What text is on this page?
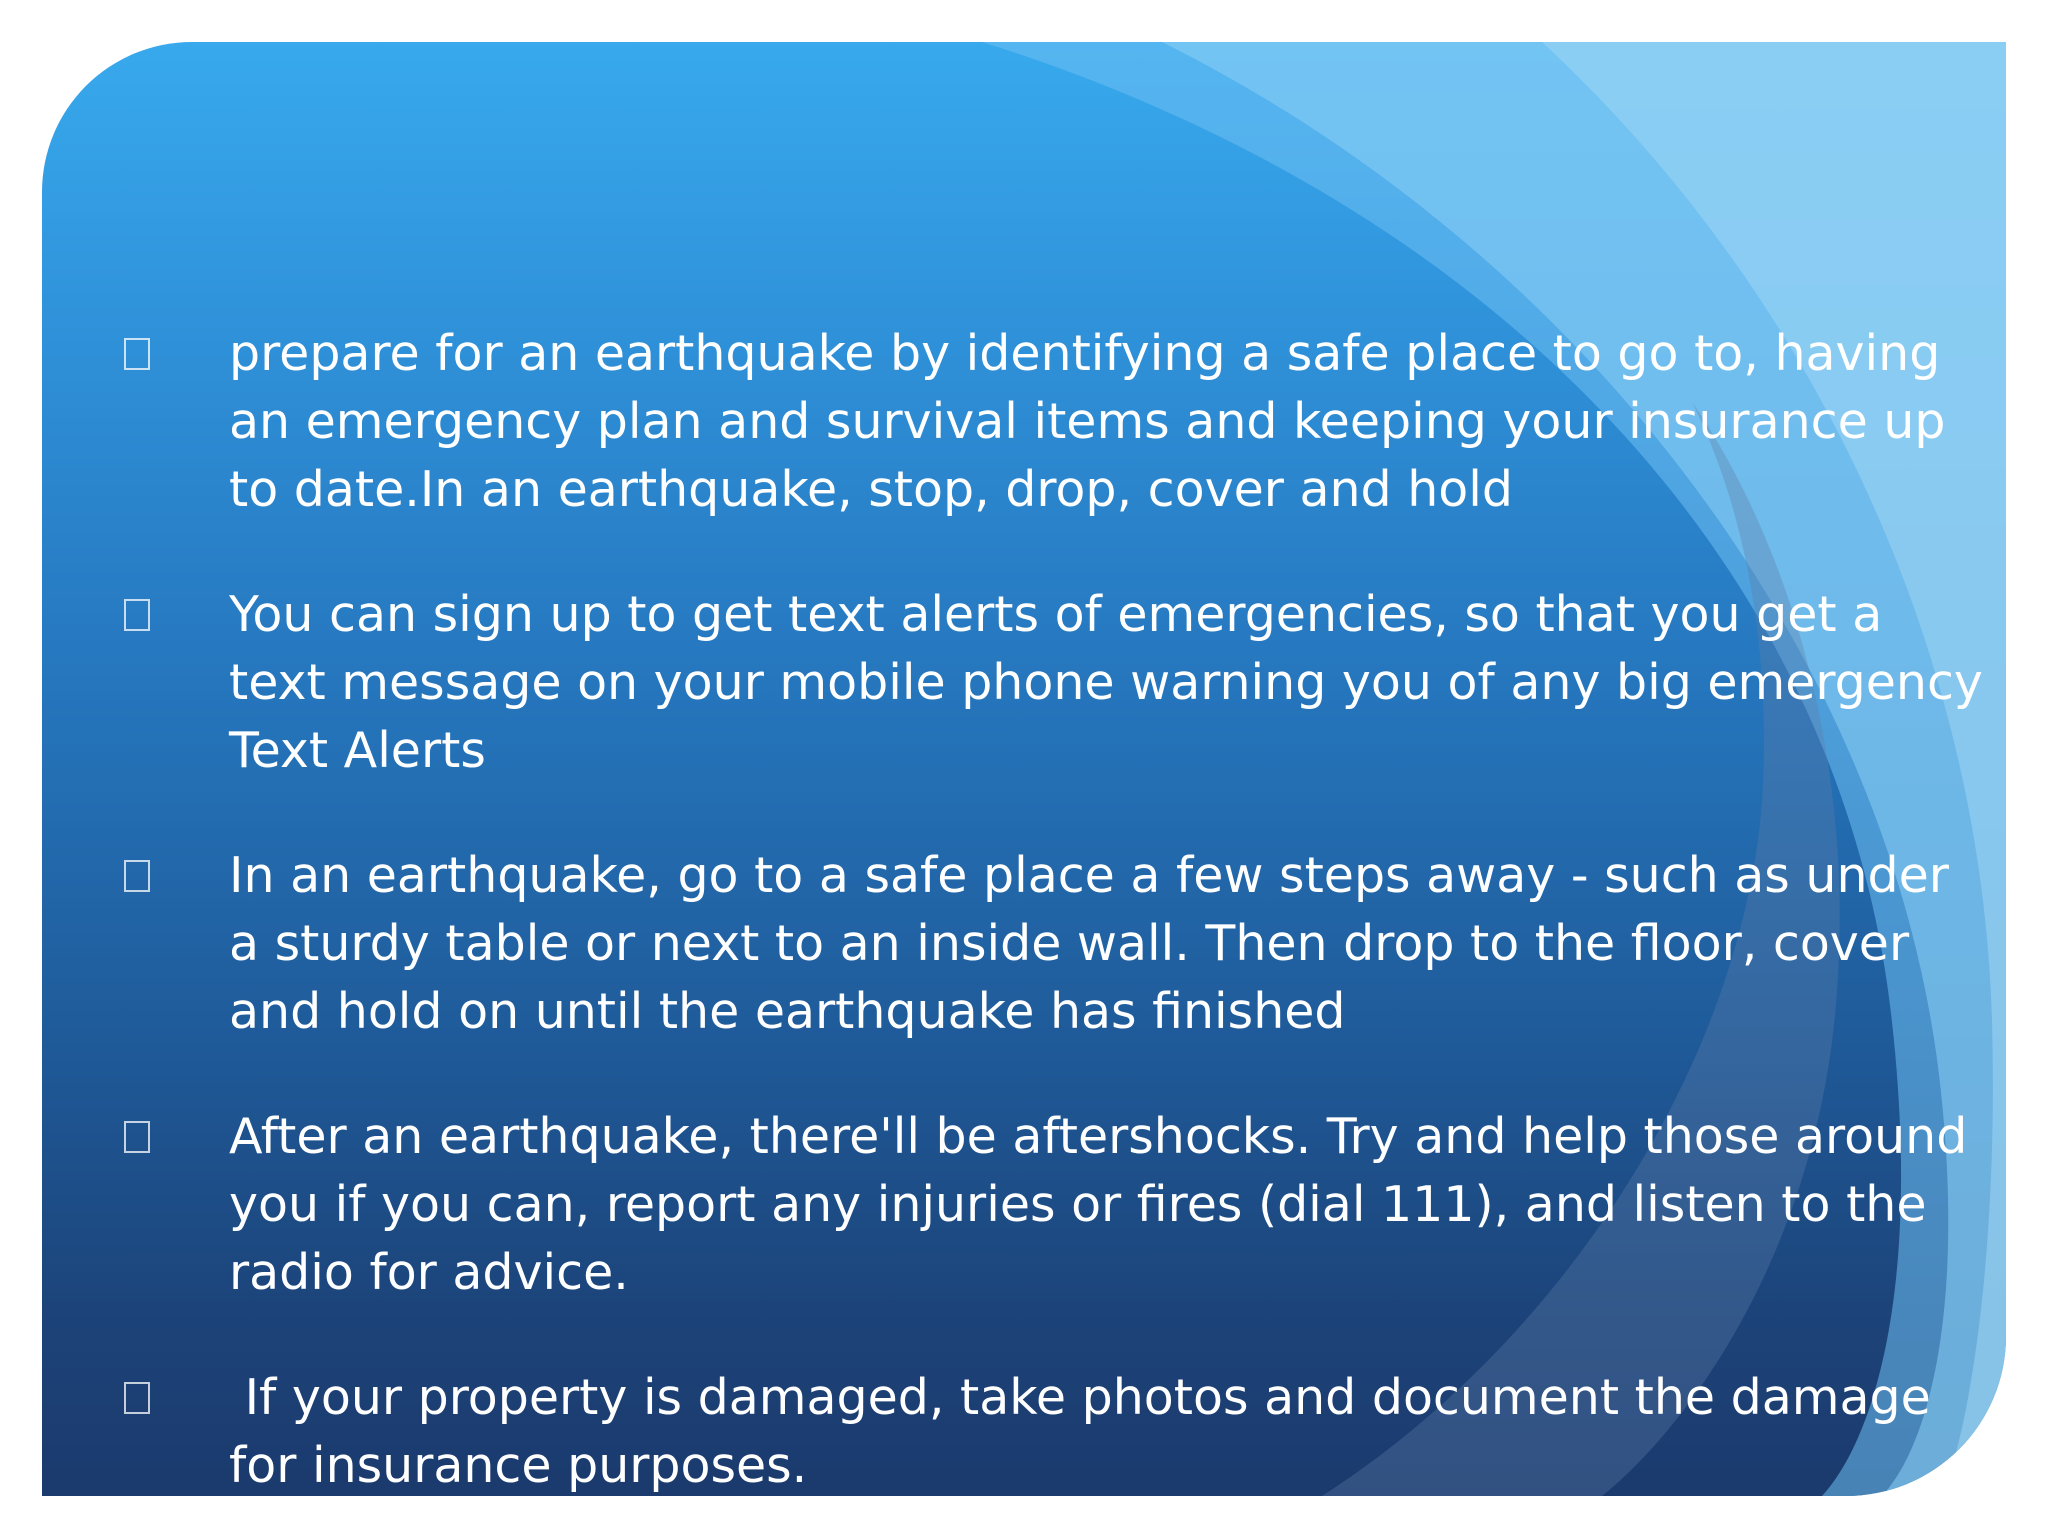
prepare for an earthquake by identifying a safe place to go to, having an emergency plan and survival items and keeping your insurance up to date.In an earthquake, stop, drop, cover and hold
You can sign up to get text alerts of emergencies, so that you get a text message on your mobile phone warning you of any big emergency Text Alerts
In an earthquake, go to a safe place a few steps away - such as under a sturdy table or next to an inside wall. Then drop to the floor, cover and hold on until the earthquake has finished
After an earthquake, there'll be aftershocks. Try and help those around you if you can, report any injuries or fires (dial 111), and listen to the radio for advice.
If your property is damaged, take photos and document the damage for insurance purposes.
